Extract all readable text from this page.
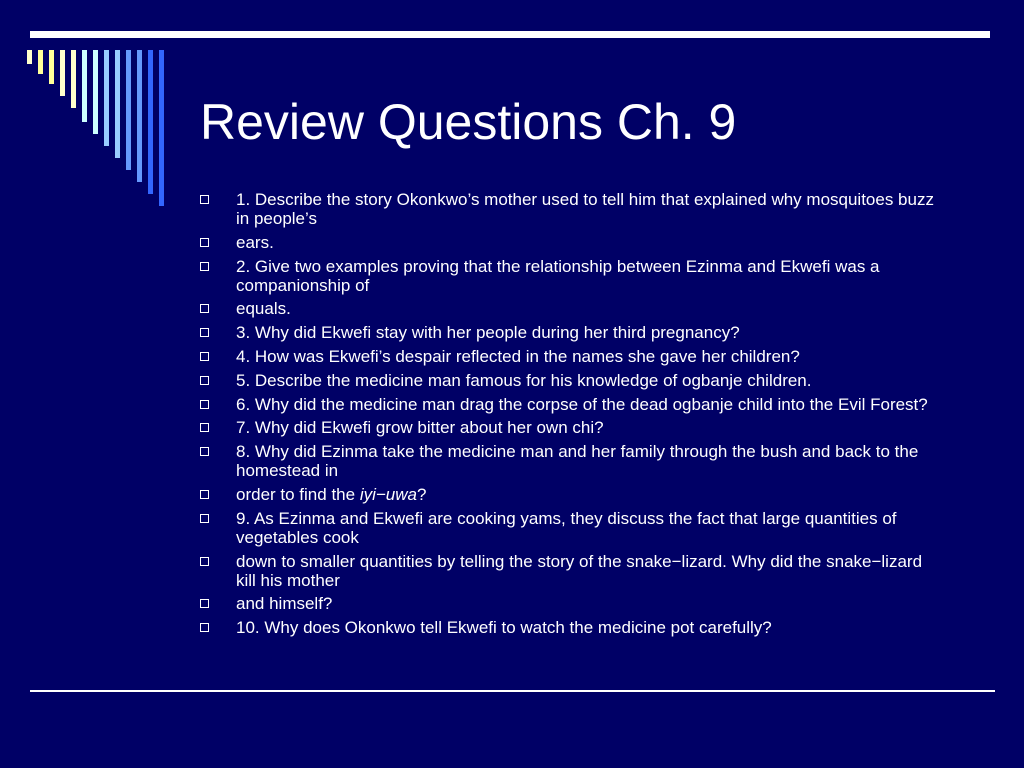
Review Questions Ch. 9
1. Describe the story Okonkwo’s mother used to tell him that explained why mosquitoes buzz in people’s
ears.
2. Give two examples proving that the relationship between Ezinma and Ekwefi was a companionship of
equals.
3. Why did Ekwefi stay with her people during her third pregnancy?
4. How was Ekwefi’s despair reflected in the names she gave her children?
5. Describe the medicine man famous for his knowledge of ogbanje children.
6. Why did the medicine man drag the corpse of the dead ogbanje child into the Evil Forest?
7. Why did Ekwefi grow bitter about her own chi?
8. Why did Ezinma take the medicine man and her family through the bush and back to the homestead in
order to find the iyi−uwa?
9. As Ezinma and Ekwefi are cooking yams, they discuss the fact that large quantities of vegetables cook
down to smaller quantities by telling the story of the snake−lizard. Why did the snake−lizard kill his mother
and himself?
10. Why does Okonkwo tell Ekwefi to watch the medicine pot carefully?
